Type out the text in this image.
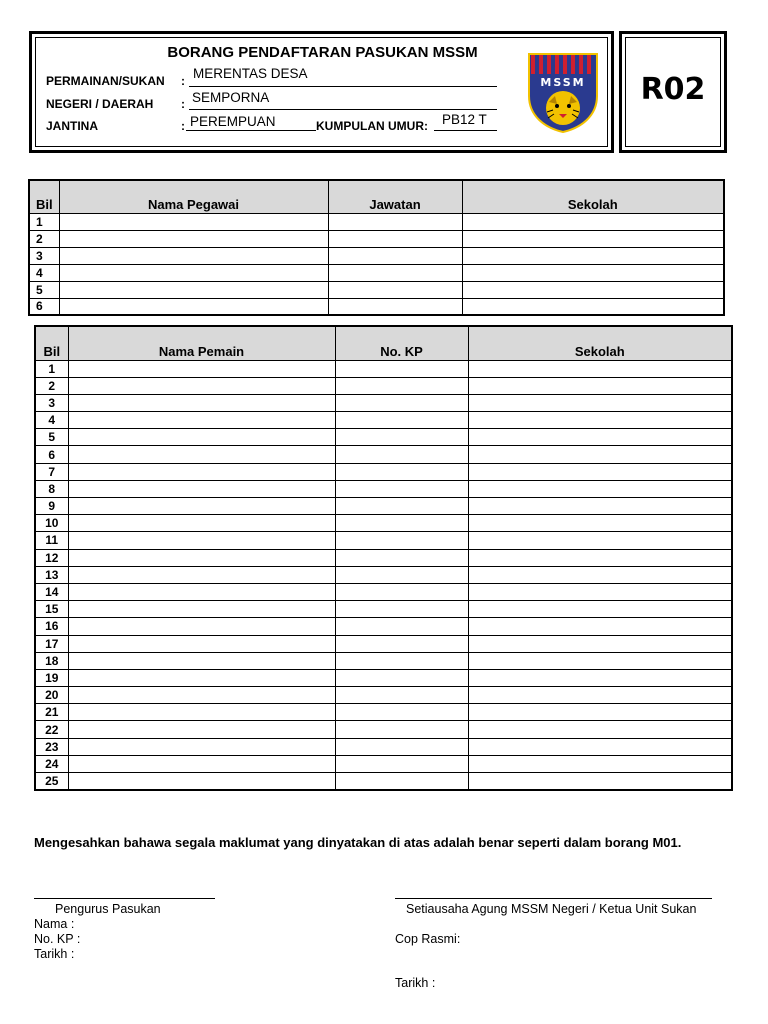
R02
BORANG PENDAFTARAN PASUKAN MSSM
PERMAINAN/SUKAN : MERENTAS DESA
NEGERI / DAERAH : SEMPORNA
JANTINA	: PEREMPUAN	KUMPULAN UMUR: PB12 T
MSSM
Bil	Nama Pegawai	Jawatan	Sekolah
1			
2			
3			
4			
5			
6			
Bil	Nama Pemain	No. KP	Sekolah
1			
2			
3			
4			
5			
6			
7			
8			
9			
10			
11			
12			
13			
14			
15			
16			
17			
18			
19			
20			
21			
22			
23			
24			
25			
Mengesahkan bahawa segala maklumat yang dinyatakan di atas adalah benar seperti dalam borang M01.
Pengurus Pasukan
Nama :
No. KP :
Tarikh :
Setiausaha Agung MSSM Negeri / Ketua Unit Sukan
Cop Rasmi:
Tarikh :
